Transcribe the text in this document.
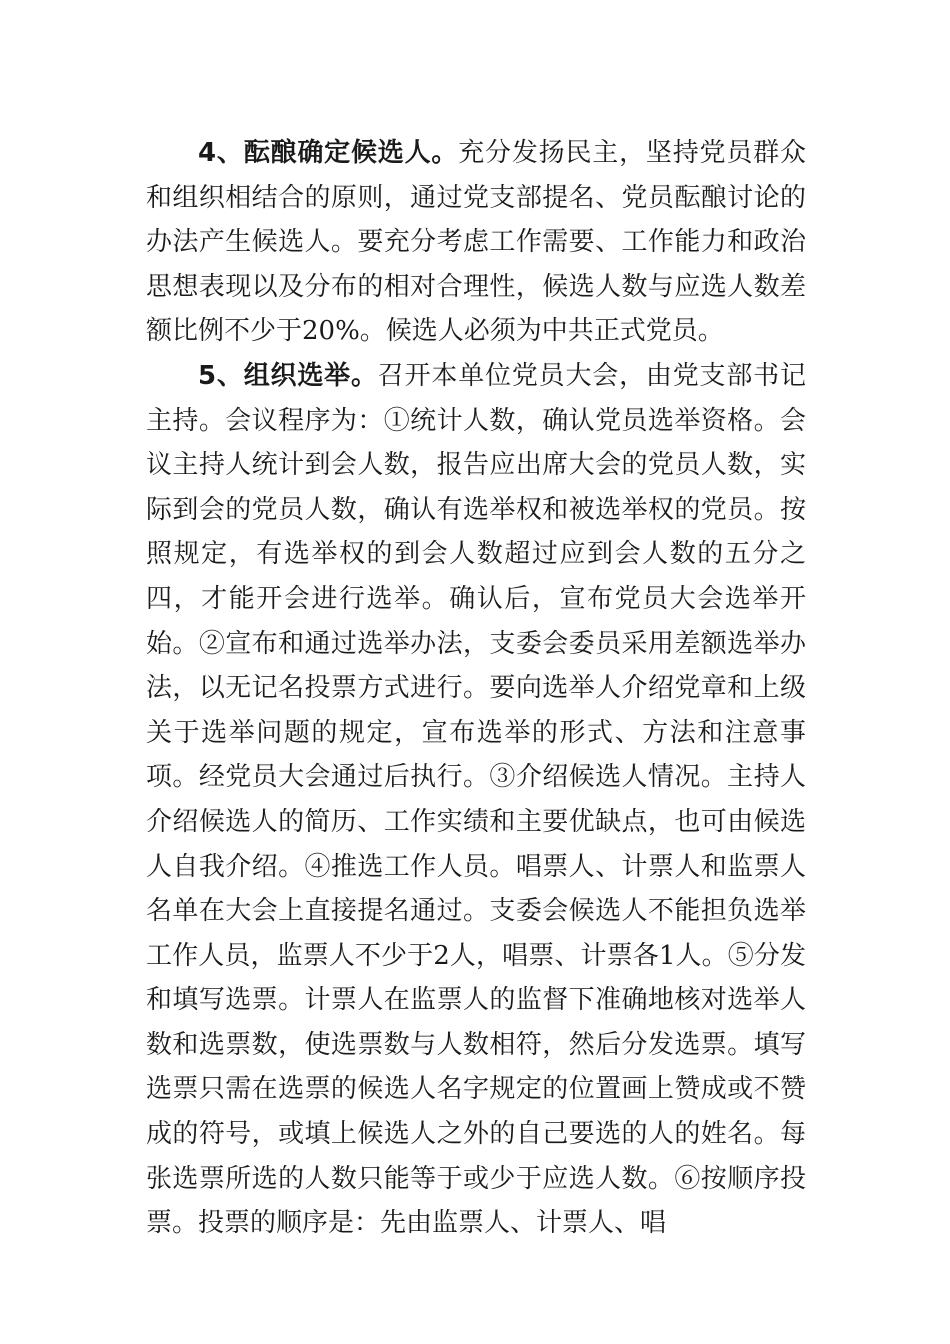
4、酝酿确定候选人。充分发扬民主，坚持党员群众和组织相结合的原则，通过党支部提名、党员酝酿讨论的办法产生候选人。要充分考虑工作需要、工作能力和政治思想表现以及分布的相对合理性，候选人数与应选人数差额比例不少于20%。候选人必须为中共正式党员。

5、组织选举。召开本单位党员大会，由党支部书记主持。会议程序为：①统计人数，确认党员选举资格。会议主持人统计到会人数，报告应出席大会的党员人数，实际到会的党员人数，确认有选举权和被选举权的党员。按照规定，有选举权的到会人数超过应到会人数的五分之四，才能开会进行选举。确认后，宣布党员大会选举开始。②宣布和通过选举办法，支委会委员采用差额选举办法，以无记名投票方式进行。要向选举人介绍党章和上级关于选举问题的规定，宣布选举的形式、方法和注意事项。经党员大会通过后执行。③介绍候选人情况。主持人介绍候选人的简历、工作实绩和主要优缺点，也可由候选人自我介绍。④推选工作人员。唱票人、计票人和监票人名单在大会上直接提名通过。支委会候选人不能担负选举工作人员，监票人不少于2人，唱票、计票各1人。⑤分发和填写选票。计票人在监票人的监督下准确地核对选举人数和选票数，使选票数与人数相符，然后分发选票。填写选票只需在选票的候选人名字规定的位置画上赞成或不赞成的符号，或填上候选人之外的自己要选的人的姓名。每张选票所选的人数只能等于或少于应选人数。⑥按顺序投票。投票的顺序是：先由监票人、计票人、唱
